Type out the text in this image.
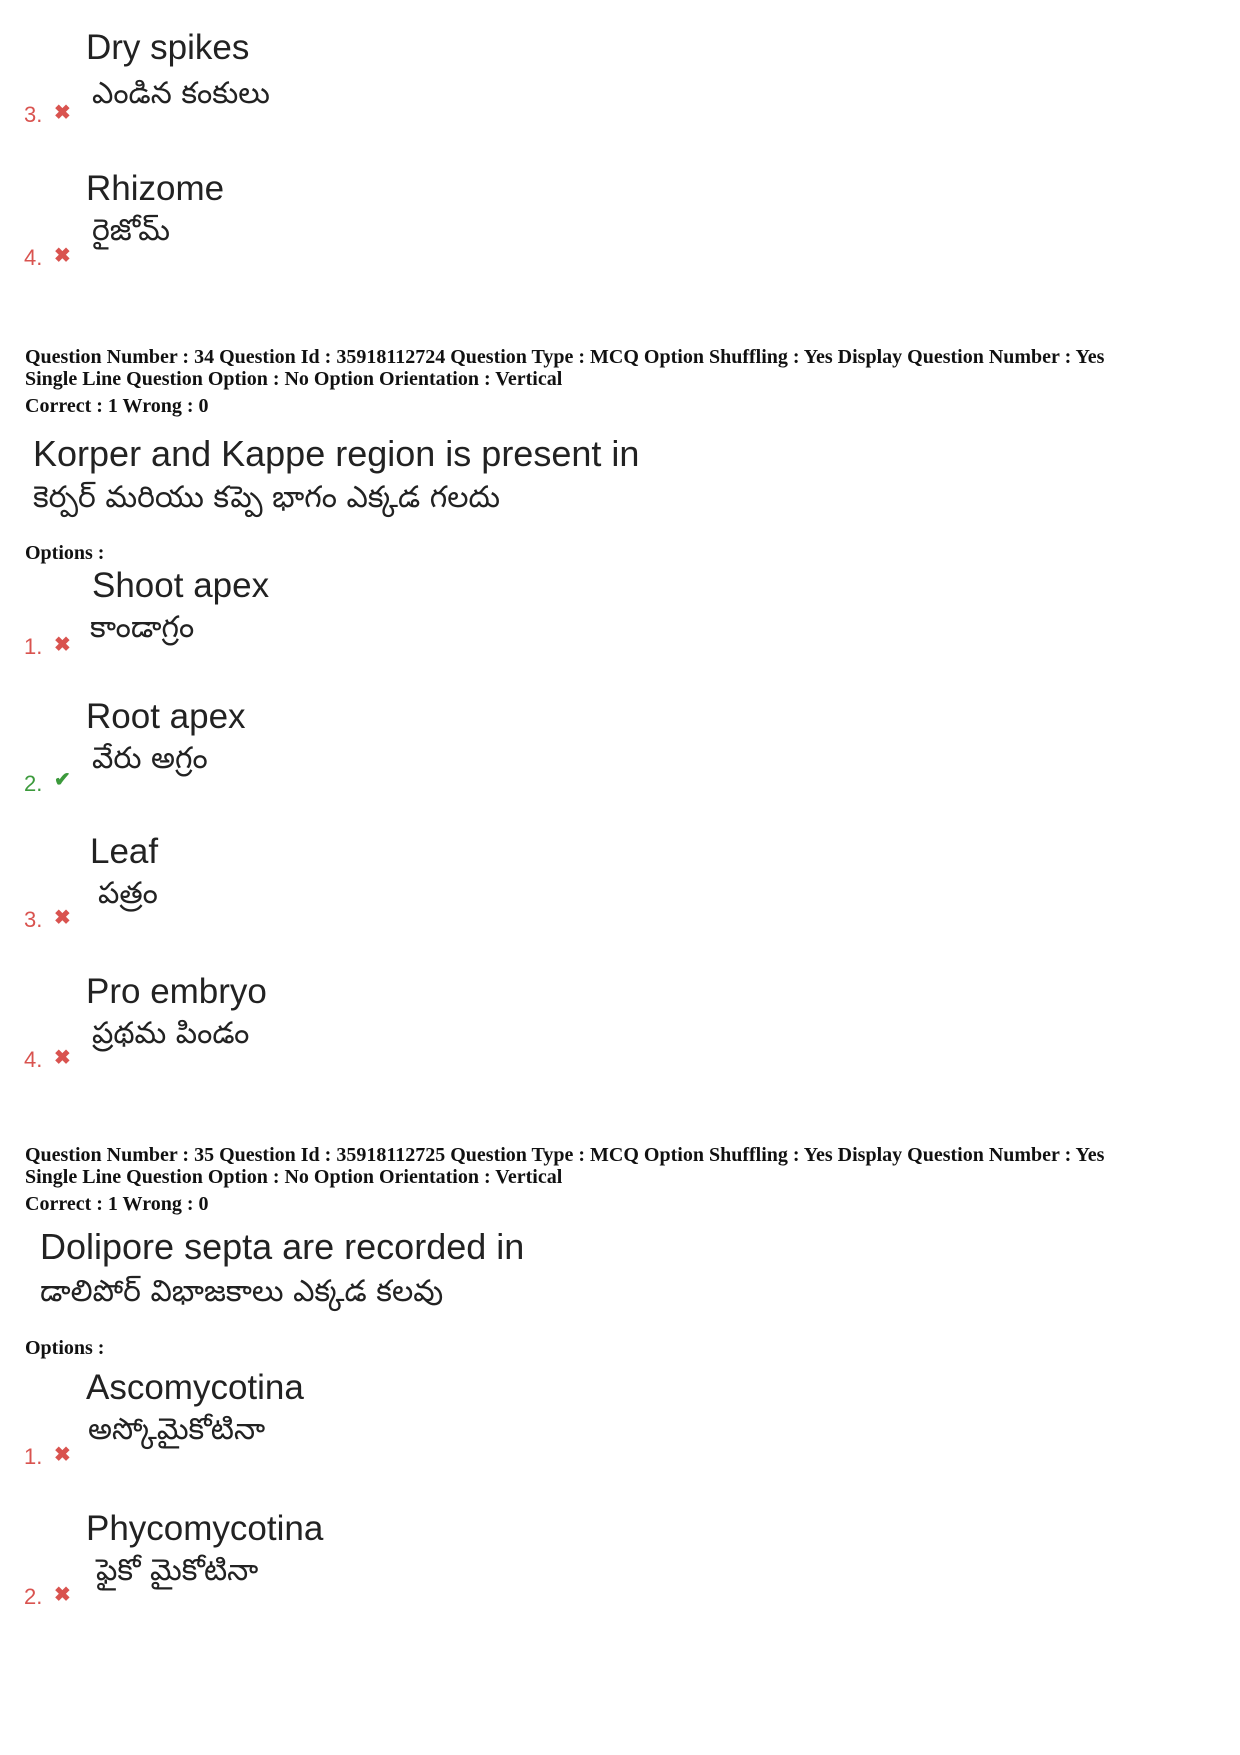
Dry spikes
ఎండిన కంకులు
3. ✖
Rhizome
రైజోమ్
4. ✖
Question Number : 34 Question Id : 35918112724 Question Type : MCQ Option Shuffling : Yes Display Question Number : Yes
Single Line Question Option : No Option Orientation : Vertical
Correct : 1 Wrong : 0
Korper and Kappe region is present in
కెర్పర్ మరియు కప్పె భాగం ఎక్కడ గలదు
Options :
Shoot apex
కాండాగ్రం
1. ✖
Root apex
వేరు అగ్రం
2. ✔
Leaf
పత్రం
3. ✖
Pro embryo
ప్రథమ పిండం
4. ✖
Question Number : 35 Question Id : 35918112725 Question Type : MCQ Option Shuffling : Yes Display Question Number : Yes
Single Line Question Option : No Option Orientation : Vertical
Correct : 1 Wrong : 0
Dolipore septa are recorded in
డాలిపోర్ విభాజకాలు ఎక్కడ కలవు
Options :
Ascomycotina
అస్కోమైకోటినా
1. ✖
Phycomycotina
ఫైకో మైకోటినా
2. ✖
